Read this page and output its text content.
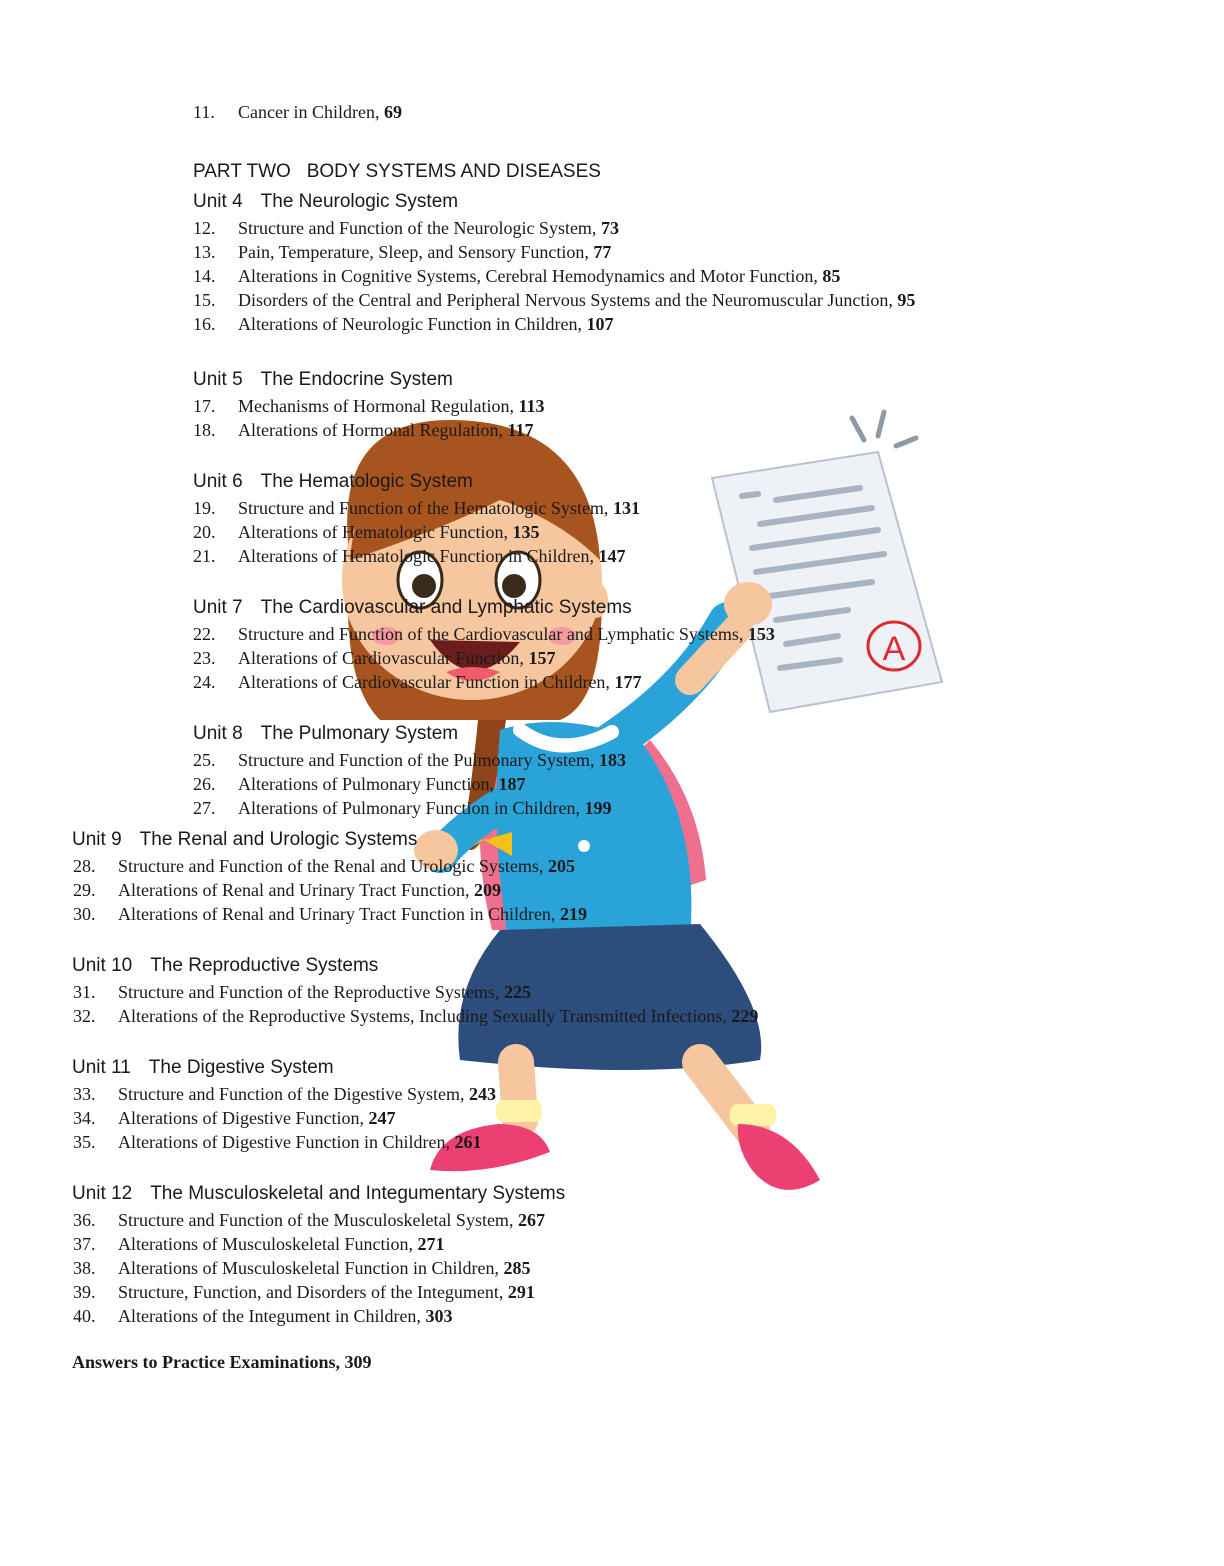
A
11. Cancer in Children, 69
PART TWO BODY SYSTEMS AND DISEASES
Unit 4 The Neurologic System
12. Structure and Function of the Neurologic System, 73
13. Pain, Temperature, Sleep, and Sensory Function, 77
14. Alterations in Cognitive Systems, Cerebral Hemodynamics and Motor Function, 85
15. Disorders of the Central and Peripheral Nervous Systems and the Neuromuscular Junction, 95
16. Alterations of Neurologic Function in Children, 107
Unit 5 The Endocrine System
17. Mechanisms of Hormonal Regulation, 113
18. Alterations of Hormonal Regulation, 117
Unit 6 The Hematologic System
19. Structure and Function of the Hematologic System, 131
20. Alterations of Hematologic Function, 135
21. Alterations of Hematologic Function in Children, 147
Unit 7 The Cardiovascular and Lymphatic Systems
22. Structure and Function of the Cardiovascular and Lymphatic Systems, 153
23. Alterations of Cardiovascular Function, 157
24. Alterations of Cardiovascular Function in Children, 177
Unit 8 The Pulmonary System
25. Structure and Function of the Pulmonary System, 183
26. Alterations of Pulmonary Function, 187
27. Alterations of Pulmonary Function in Children, 199
Unit 9 The Renal and Urologic Systems
28. Structure and Function of the Renal and Urologic Systems, 205
29. Alterations of Renal and Urinary Tract Function, 209
30. Alterations of Renal and Urinary Tract Function in Children, 219
Unit 10 The Reproductive Systems
31. Structure and Function of the Reproductive Systems, 225
32. Alterations of the Reproductive Systems, Including Sexually Transmitted Infections, 229
Unit 11 The Digestive System
33. Structure and Function of the Digestive System, 243
34. Alterations of Digestive Function, 247
35. Alterations of Digestive Function in Children, 261
Unit 12 The Musculoskeletal and Integumentary Systems
36. Structure and Function of the Musculoskeletal System, 267
37. Alterations of Musculoskeletal Function, 271
38. Alterations of Musculoskeletal Function in Children, 285
39. Structure, Function, and Disorders of the Integument, 291
40. Alterations of the Integument in Children, 303
Answers to Practice Examinations, 309
